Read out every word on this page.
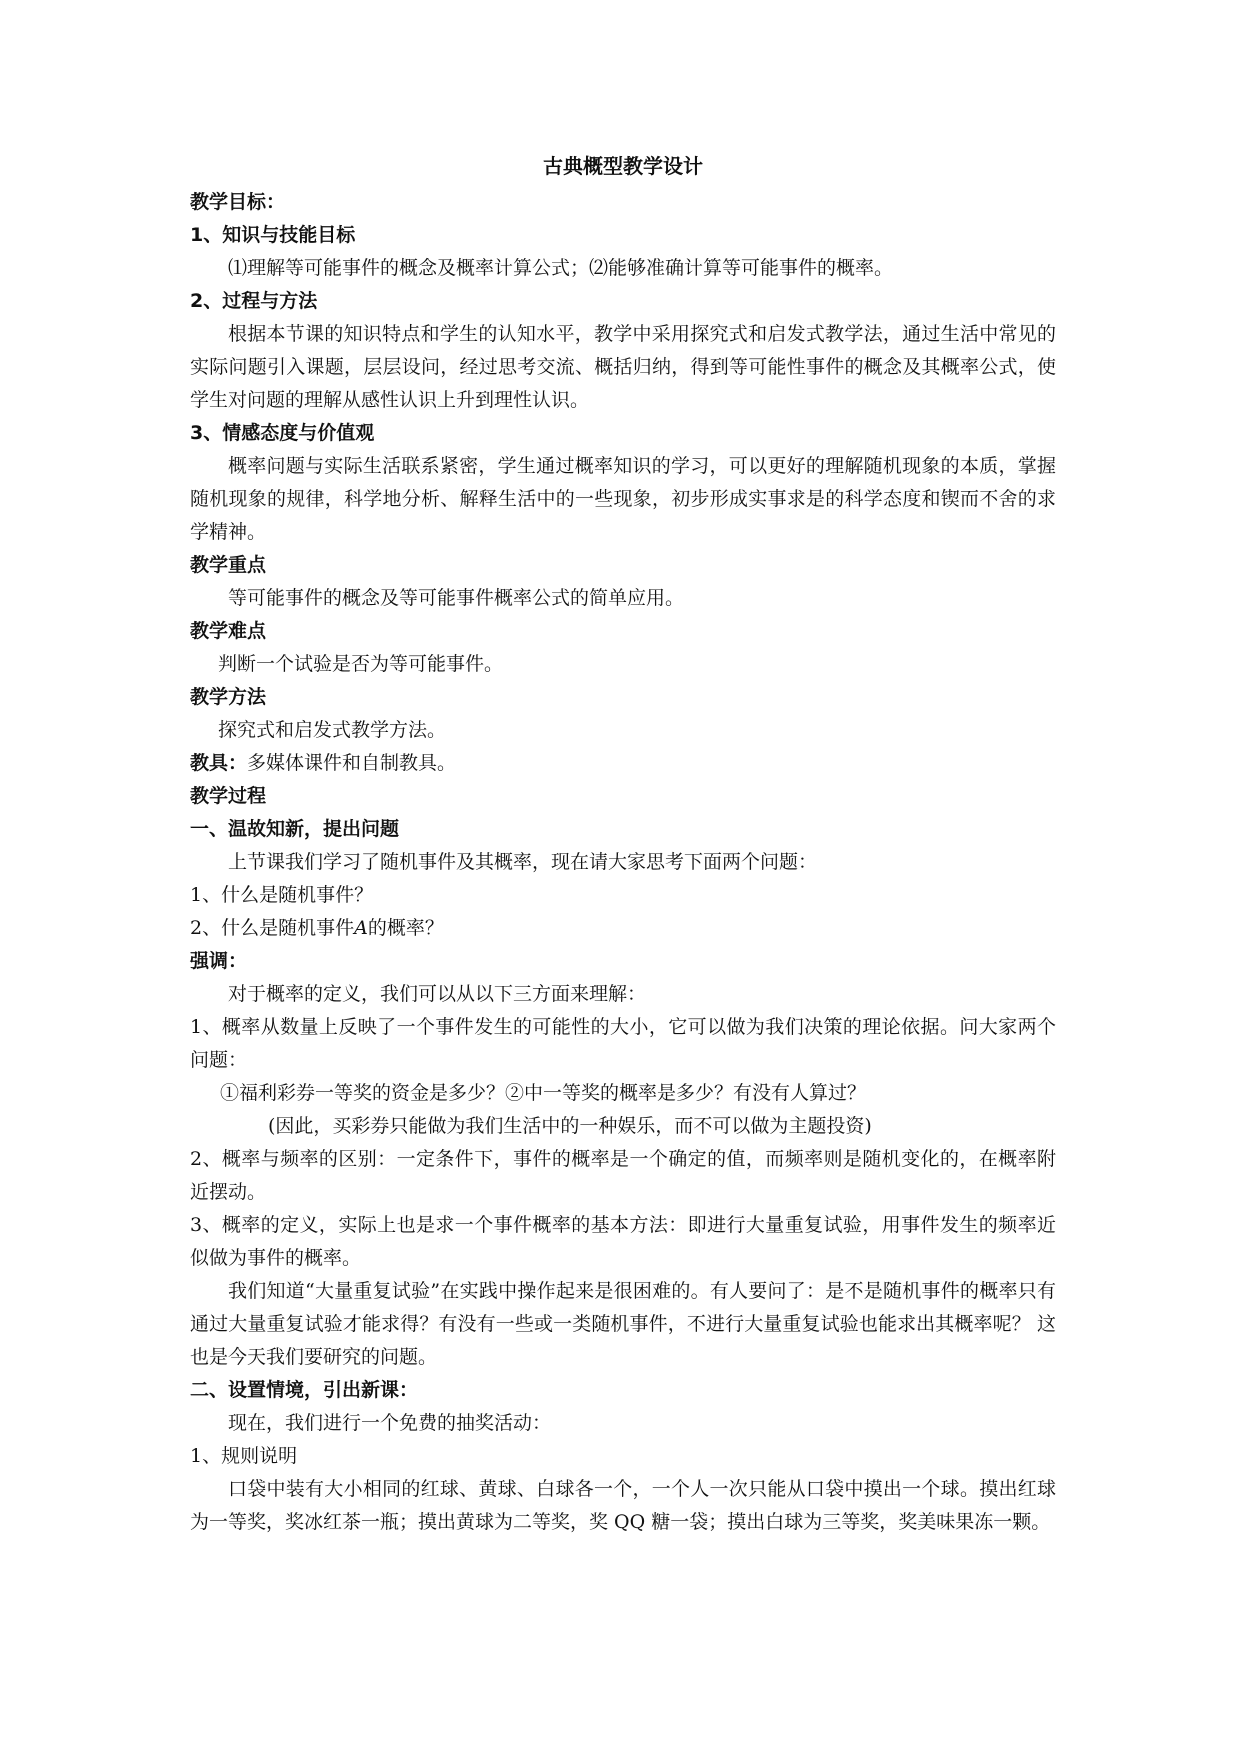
古典概型教学设计
教学目标：
1、知识与技能目标
⑴理解等可能事件的概念及概率计算公式；⑵能够准确计算等可能事件的概率。
2、过程与方法
根据本节课的知识特点和学生的认知水平，教学中采用探究式和启发式教学法，通过生活中常见的实际问题引入课题，层层设问，经过思考交流、概括归纳，得到等可能性事件的概念及其概率公式，使学生对问题的理解从感性认识上升到理性认识。
3、情感态度与价值观
概率问题与实际生活联系紧密，学生通过概率知识的学习，可以更好的理解随机现象的本质，掌握随机现象的规律，科学地分析、解释生活中的一些现象，初步形成实事求是的科学态度和锲而不舍的求学精神。
教学重点
等可能事件的概念及等可能事件概率公式的简单应用。
教学难点
判断一个试验是否为等可能事件。
教学方法
探究式和启发式教学方法。
教具：多媒体课件和自制教具。
教学过程
一、温故知新，提出问题
上节课我们学习了随机事件及其概率，现在请大家思考下面两个问题：
1、什么是随机事件？
2、什么是随机事件A的概率？
强调：
对于概率的定义，我们可以从以下三方面来理解：
1、概率从数量上反映了一个事件发生的可能性的大小，它可以做为我们决策的理论依据。问大家两个问题：
①福利彩券一等奖的资金是多少？②中一等奖的概率是多少？有没有人算过？
(因此，买彩券只能做为我们生活中的一种娱乐，而不可以做为主题投资)
2、概率与频率的区别：一定条件下，事件的概率是一个确定的值，而频率则是随机变化的，在概率附近摆动。
3、概率的定义，实际上也是求一个事件概率的基本方法：即进行大量重复试验，用事件发生的频率近似做为事件的概率。
我们知道“大量重复试验”在实践中操作起来是很困难的。有人要问了：是不是随机事件的概率只有通过大量重复试验才能求得？有没有一些或一类随机事件，不进行大量重复试验也能求出其概率呢？ 这也是今天我们要研究的问题。
二、设置情境，引出新课：
现在，我们进行一个免费的抽奖活动：
1、规则说明
口袋中装有大小相同的红球、黄球、白球各一个，一个人一次只能从口袋中摸出一个球。摸出红球为一等奖，奖冰红茶一瓶；摸出黄球为二等奖，奖 QQ 糖一袋；摸出白球为三等奖，奖美味果冻一颗。
